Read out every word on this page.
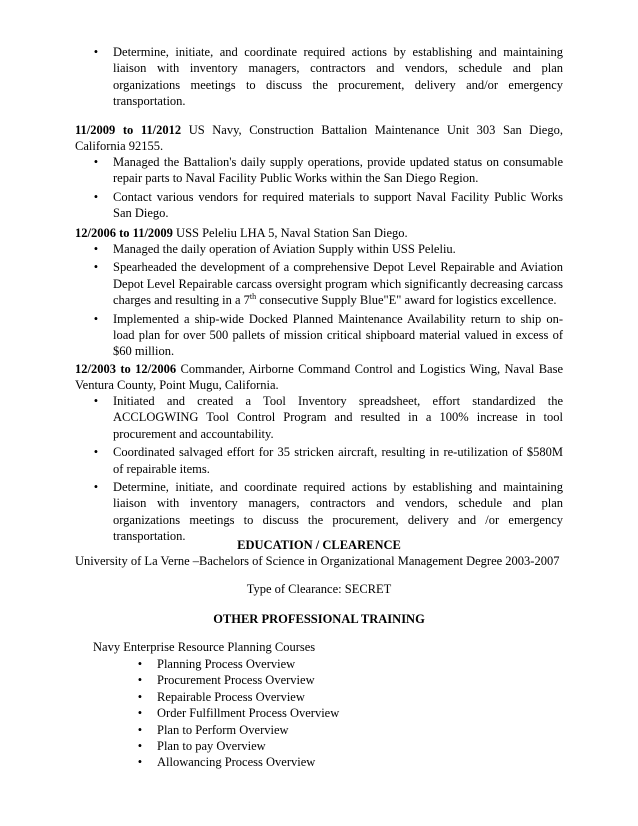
• Determine, initiate, and coordinate required actions by establishing and maintaining liaison with inventory managers, contractors and vendors, schedule and plan organizations meetings to discuss the procurement, delivery and/or emergency transportation.
11/2009 to 11/2012 US Navy, Construction Battalion Maintenance Unit 303 San Diego, California 92155.
• Managed the Battalion's daily supply operations, provide updated status on consumable repair parts to Naval Facility Public Works within the San Diego Region.
• Contact various vendors for required materials to support Naval Facility Public Works San Diego.
12/2006 to 11/2009 USS Peleliu LHA 5, Naval Station San Diego.
• Managed the daily operation of Aviation Supply within USS Peleliu.
• Spearheaded the development of a comprehensive Depot Level Repairable and Aviation Depot Level Repairable carcass oversight program which significantly decreasing carcass charges and resulting in a 7th consecutive Supply Blue"E" award for logistics excellence.
• Implemented a ship-wide Docked Planned Maintenance Availability return to ship on-load plan for over 500 pallets of mission critical shipboard material valued in excess of $60 million.
12/2003 to 12/2006 Commander, Airborne Command Control and Logistics Wing, Naval Base Ventura County, Point Mugu, California.
• Initiated and created a Tool Inventory spreadsheet, effort standardized the ACCLOGWING Tool Control Program and resulted in a 100% increase in tool procurement and accountability.
• Coordinated salvaged effort for 35 stricken aircraft, resulting in re-utilization of $580M of repairable items.
• Determine, initiate, and coordinate required actions by establishing and maintaining liaison with inventory managers, contractors and vendors, schedule and plan organizations meetings to discuss the procurement, delivery and /or emergency transportation.
EDUCATION / CLEARENCE
University of La Verne –Bachelors of Science in Organizational Management Degree 2003-2007
Type of Clearance: SECRET
OTHER PROFESSIONAL TRAINING
Navy Enterprise Resource Planning Courses
• Planning Process Overview
• Procurement Process Overview
• Repairable Process Overview
• Order Fulfillment Process Overview
• Plan to Perform Overview
• Plan to pay Overview
• Allowancing Process Overview
